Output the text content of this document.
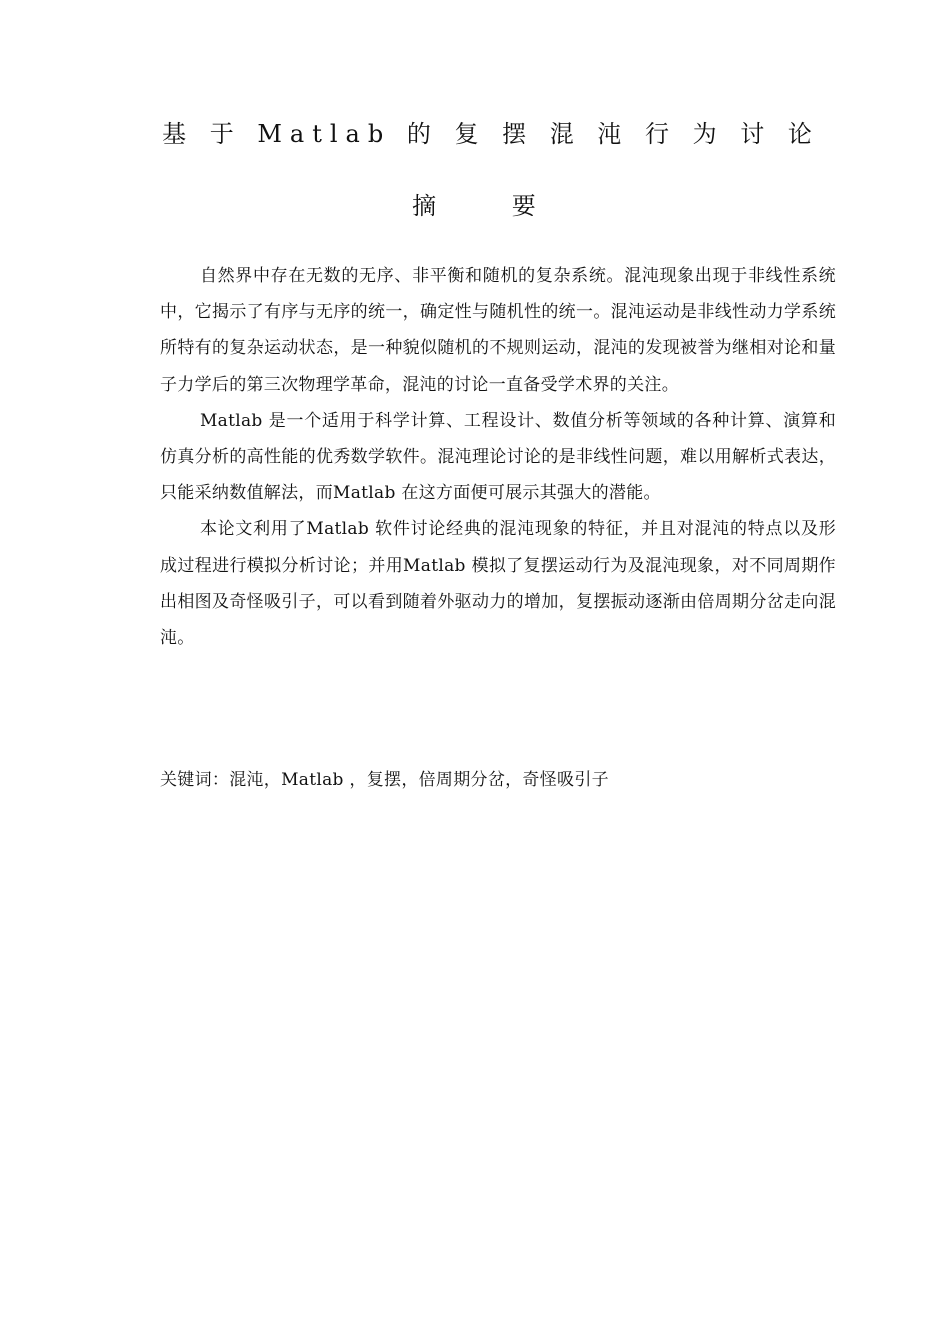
基 于 Matlab 的 复 摆 混 沌 行 为 讨 论
摘 要

自然界中存在无数的无序、非平衡和随机的复杂系统。混沌现象出现于非线性系统中，它揭示了有序与无序的统一，确定性与随机性的统一。混沌运动是非线性动力学系统所特有的复杂运动状态，是一种貌似随机的不规则运动，混沌的发现被誉为继相对论和量子力学后的第三次物理学革命，混沌的讨论一直备受学术界的关注。

Matlab 是一个适用于科学计算、工程设计、数值分析等领域的各种计算、演算和仿真分析的高性能的优秀数学软件。混沌理论讨论的是非线性问题，难以用解析式表达，只能采纳数值解法，而Matlab 在这方面便可展示其强大的潜能。

本论文利用了Matlab 软件讨论经典的混沌现象的特征，并且对混沌的特点以及形成过程进行模拟分析讨论；并用Matlab 模拟了复摆运动行为及混沌现象，对不同周期作出相图及奇怪吸引子，可以看到随着外驱动力的增加，复摆振动逐渐由倍周期分岔走向混沌。

关键词：混沌，Matlab ，复摆，倍周期分岔，奇怪吸引子
